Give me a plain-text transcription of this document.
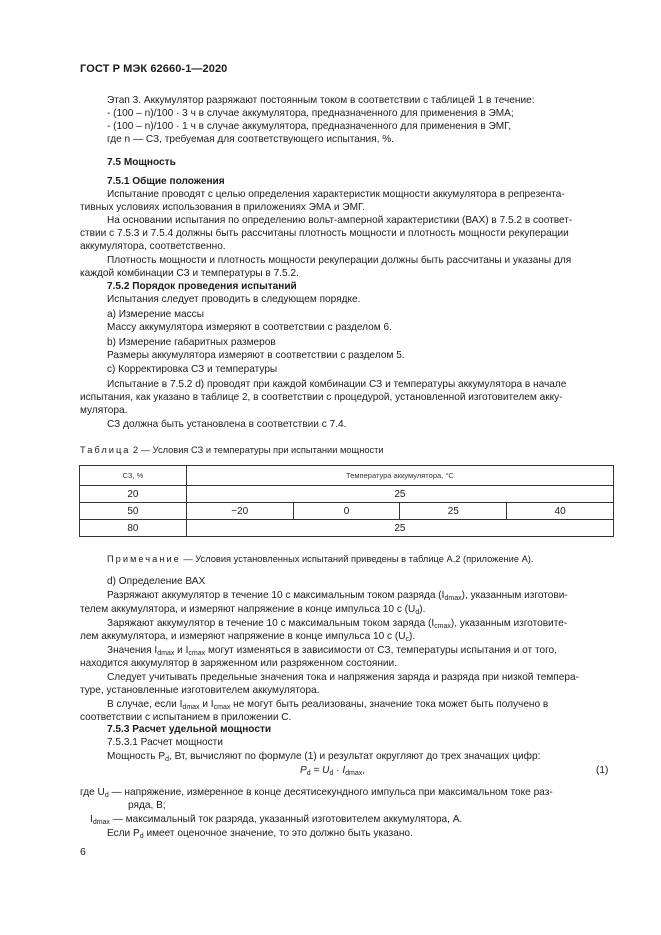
ГОСТ Р МЭК 62660-1—2020
Этап 3. Аккумулятор разряжают постоянным током в соответствии с таблицей 1 в течение:
- (100 – n)/100 · 3 ч в случае аккумулятора, предназначенного для применения в ЭМА;
- (100 – n)/100 · 1 ч в случае аккумулятора, предназначенного для применения в ЭМГ,
где n — СЗ, требуемая для соответствующего испытания, %.
7.5 Мощность
7.5.1 Общие положения
Испытание проводят с целью определения характеристик мощности аккумулятора в репрезента-
тивных условиях использования в приложениях ЭМА и ЭМГ.
На основании испытания по определению вольт-амперной характеристики (ВАХ) в 7.5.2 в соответ-
ствии с 7.5.3 и 7.5.4 должны быть рассчитаны плотность мощности и плотность мощности рекуперации
аккумулятора, соответственно.
Плотность мощности и плотность мощности рекуперации должны быть рассчитаны и указаны для
каждой комбинации СЗ и температуры в 7.5.2.
7.5.2 Порядок проведения испытаний
Испытания следует проводить в следующем порядке.
a) Измерение массы
Массу аккумулятора измеряют в соответствии с разделом 6.
b) Измерение габаритных размеров
Размеры аккумулятора измеряют в соответствии с разделом 5.
c) Корректировка СЗ и температуры
Испытание в 7.5.2 d) проводят при каждой комбинации СЗ и температуры аккумулятора в начале
испытания, как указано в таблице 2, в соответствии с процедурой, установленной изготовителем акку-
мулятора.
СЗ должна быть установлена в соответствии с 7.4.
Таблица 2 — Условия СЗ и температуры при испытании мощности
СЗ, %	Температура аккумулятора, °С			
20	25			
50	−20	0	25	40
80	25			
Примечание — Условия установленных испытаний приведены в таблице А.2 (приложение А).
d) Определение ВАХ
Разряжают аккумулятор в течение 10 с максимальным током разряда $(I_{dmax})$, указанным изготови-
телем аккумулятора, и измеряют напряжение в конце импульса 10 с $(U_d)$.
Заряжают аккумулятор в течение 10 с максимальным током заряда $(I_{cmax})$, указанным изготовите-
лем аккумулятора, и измеряют напряжение в конце импульса 10 с $(U_c)$.
Значения $I_{dmax}$ и $I_{cmax}$ могут изменяться в зависимости от СЗ, температуры испытания и от того,
находится аккумулятор в заряженном или разряженном состоянии.
Следует учитывать предельные значения тока и напряжения заряда и разряда при низкой темпера-
туре, установленные изготовителем аккумулятора.
В случае, если $I_{dmax}$ и $I_{cmax}$ не могут быть реализованы, значение тока может быть получено в
соответствии с испытанием в приложении С.
7.5.3 Расчет удельной мощности
7.5.3.1 Расчет мощности
Мощность $P_d$, Вт, вычисляют по формуле (1) и результат округляют до трех значащих цифр:
$P_d = U_d \cdot I_{dmax}$,	(1)
где $U_d$ — напряжение, измеренное в конце десятисекундного импульса при максимальном токе раз-
ряда, В;
$I_{dmax}$ — максимальный ток разряда, указанный изготовителем аккумулятора, А.
Если $P_d$ имеет оценочное значение, то это должно быть указано.
6
